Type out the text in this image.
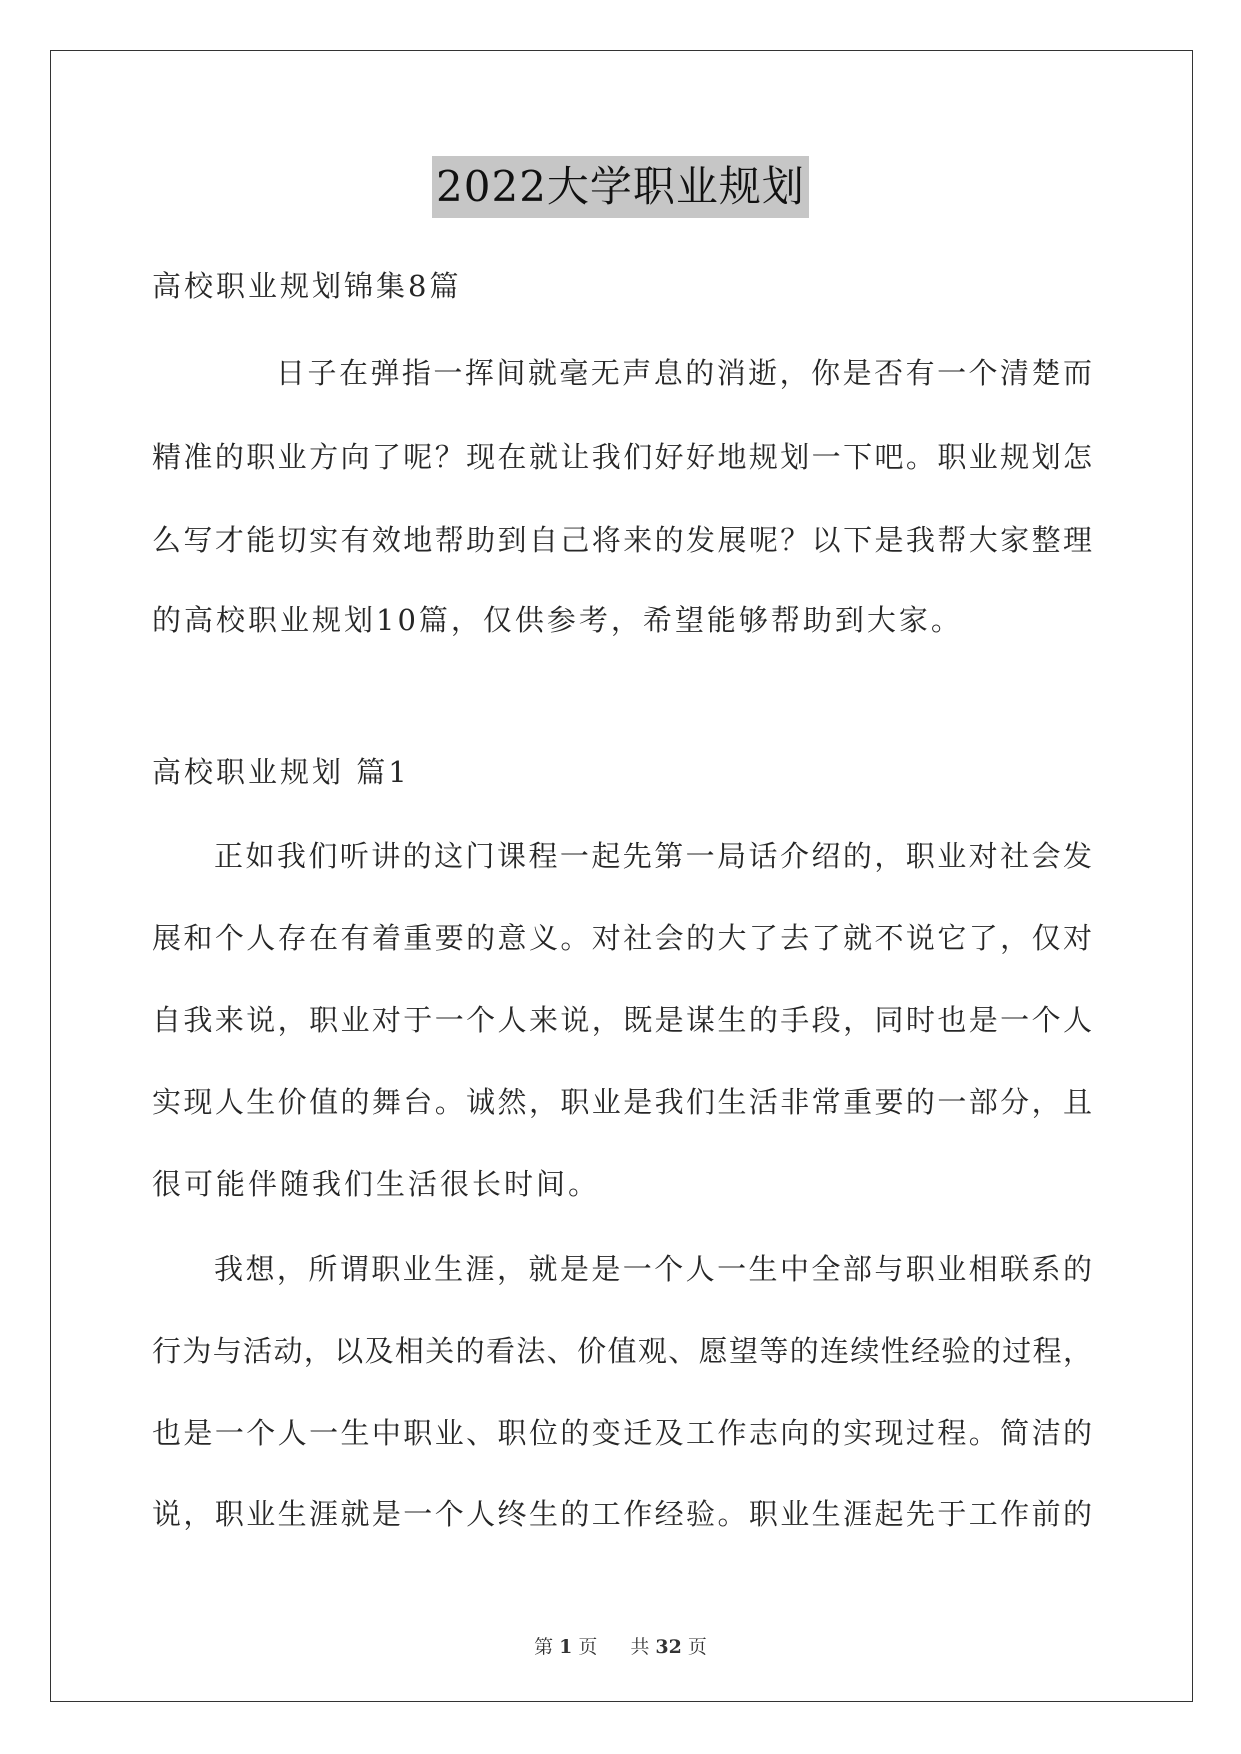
2022大学职业规划
高校职业规划锦集8篇
日子在弹指一挥间就毫无声息的消逝，你是否有一个清楚而
精准的职业方向了呢？现在就让我们好好地规划一下吧。职业规划怎
么写才能切实有效地帮助到自己将来的发展呢？以下是我帮大家整理
的高校职业规划10篇，仅供参考，希望能够帮助到大家。
高校职业规划 篇1
正如我们听讲的这门课程一起先第一局话介绍的，职业对社会发
展和个人存在有着重要的意义。对社会的大了去了就不说它了，仅对
自我来说，职业对于一个人来说，既是谋生的手段，同时也是一个人
实现人生价值的舞台。诚然，职业是我们生活非常重要的一部分，且
很可能伴随我们生活很长时间。
我想，所谓职业生涯，就是是一个人一生中全部与职业相联系的
行为与活动，以及相关的看法、价值观、愿望等的连续性经验的过程，
也是一个人一生中职业、职位的变迁及工作志向的实现过程。简洁的
说，职业生涯就是一个人终生的工作经验。职业生涯起先于工作前的
第 1 页 共 32 页
